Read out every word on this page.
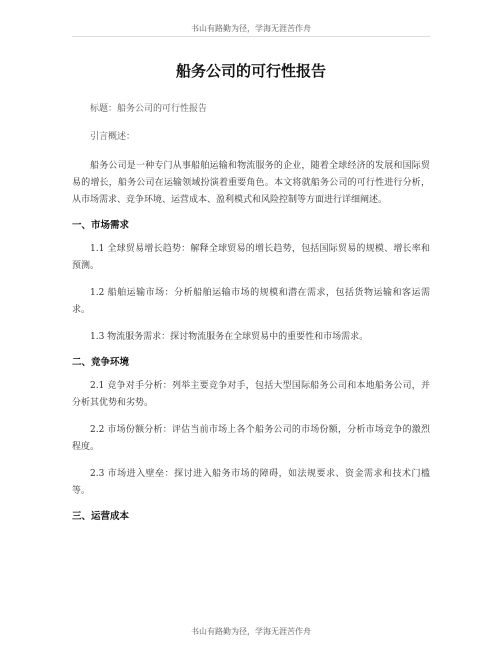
书山有路勤为径，学海无涯苦作舟
船务公司的可行性报告

标题：船务公司的可行性报告

引言概述：

船务公司是一种专门从事船舶运输和物流服务的企业，随着全球经济的发展和国际贸易的增长，船务公司在运输领域扮演着重要角色。本文将就船务公司的可行性进行分析，从市场需求、竞争环境、运营成本、盈利模式和风险控制等方面进行详细阐述。

一、市场需求

1.1 全球贸易增长趋势：解释全球贸易的增长趋势，包括国际贸易的规模、增长率和预测。

1.2 船舶运输市场：分析船舶运输市场的规模和潜在需求，包括货物运输和客运需求。

1.3 物流服务需求：探讨物流服务在全球贸易中的重要性和市场需求。

二、竞争环境

2.1 竞争对手分析：列举主要竞争对手，包括大型国际船务公司和本地船务公司，并分析其优势和劣势。

2.2 市场份额分析：评估当前市场上各个船务公司的市场份额，分析市场竞争的激烈程度。

2.3 市场进入壁垒：探讨进入船务市场的障碍，如法规要求、资金需求和技术门槛等。

三、运营成本
书山有路勤为径，学海无涯苦作舟
